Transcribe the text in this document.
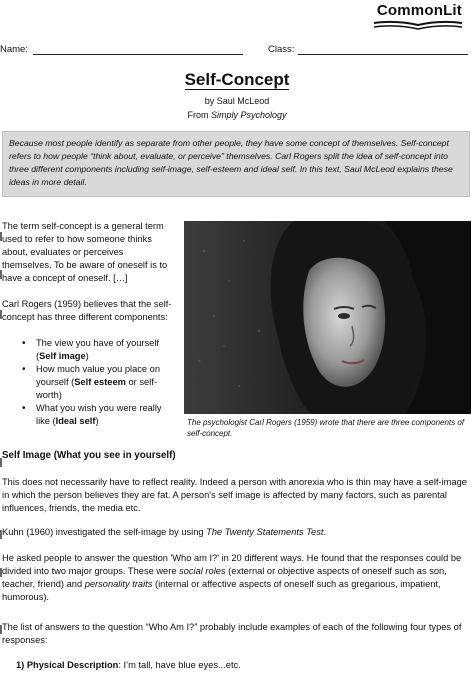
CommonLit
Name:	Class:
Self-Concept
by Saul McLeod
From Simply Psychology
Because most people identify as separate from other people, they have some concept of themselves. Self-concept refers to how people “think about, evaluate, or perceive” themselves. Carl Rogers split the idea of self-concept into three different components including self-image, self-esteem and ideal self. In this text, Saul McLeod explains these ideas in more detail.
The term self-concept is a general term used to refer to how someone thinks about, evaluates or perceives themselves. To be aware of oneself is to have a concept of oneself. […]
Carl Rogers (1959) believes that the self-concept has three different components:
• The view you have of yourself (Self image)
• How much value you place on yourself (Self esteem or self-worth)
• What you wish you were really like (Ideal self)	The psychologist Carl Rogers (1959) wrote that there are three components of self-concept.
Self Image (What you see in yourself)
This does not necessarily have to reflect reality. Indeed a person with anorexia who is thin may have a self-image in which the person believes they are fat. A person's self image is affected by many factors, such as parental influences, friends, the media etc.
Kuhn (1960) investigated the self-image by using The Twenty Statements Test.
He asked people to answer the question 'Who am I?' in 20 different ways. He found that the responses could be divided into two major groups. These were social roles (external or objective aspects of oneself such as son, teacher, friend) and personality traits (internal or affective aspects of oneself such as gregarious, impatient, humorous).
The list of answers to the question “Who Am I?” probably include examples of each of the following four types of responses:
1) Physical Description: I’m tall, have blue eyes...etc.
